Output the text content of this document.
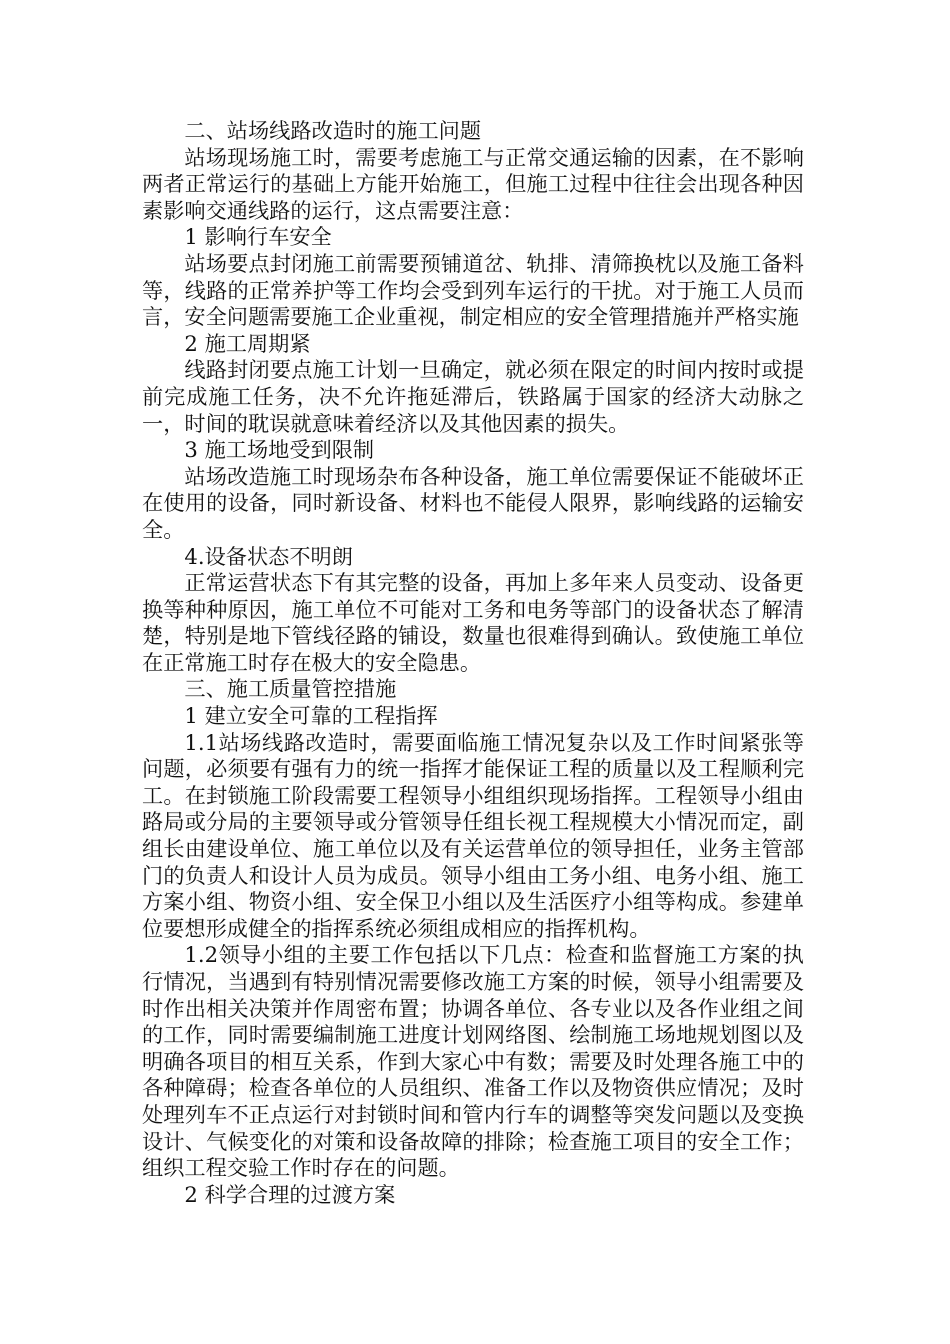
二、站场线路改造时的施工问题

站场现场施工时，需要考虑施工与正常交通运输的因素，在不影响两者正常运行的基础上方能开始施工，但施工过程中往往会出现各种因素影响交通线路的运行，这点需要注意：

1 影响行车安全

站场要点封闭施工前需要预铺道岔、轨排、清筛换枕以及施工备料等，线路的正常养护等工作均会受到列车运行的干扰。对于施工人员而言，安全问题需要施工企业重视，制定相应的安全管理措施并严格实施

2 施工周期紧

线路封闭要点施工计划一旦确定，就必须在限定的时间内按时或提前完成施工任务，决不允许拖延滞后，铁路属于国家的经济大动脉之一，时间的耽误就意味着经济以及其他因素的损失。

3 施工场地受到限制

站场改造施工时现场杂布各种设备，施工单位需要保证不能破坏正在使用的设备，同时新设备、材料也不能侵人限界，影响线路的运输安全。

4.设备状态不明朗

正常运营状态下有其完整的设备，再加上多年来人员变动、设备更换等种种原因，施工单位不可能对工务和电务等部门的设备状态了解清楚，特别是地下管线径路的铺设，数量也很难得到确认。致使施工单位在正常施工时存在极大的安全隐患。

三、施工质量管控措施

1 建立安全可靠的工程指挥

1.1站场线路改造时，需要面临施工情况复杂以及工作时间紧张等问题，必须要有强有力的统一指挥才能保证工程的质量以及工程顺利完工。在封锁施工阶段需要工程领导小组组织现场指挥。工程领导小组由路局或分局的主要领导或分管领导任组长视工程规模大小情况而定，副组长由建设单位、施工单位以及有关运营单位的领导担任，业务主管部门的负责人和设计人员为成员。领导小组由工务小组、电务小组、施工方案小组、物资小组、安全保卫小组以及生活医疗小组等构成。参建单位要想形成健全的指挥系统必须组成相应的指挥机构。

1.2领导小组的主要工作包括以下几点：检查和监督施工方案的执行情况，当遇到有特别情况需要修改施工方案的时候，领导小组需要及时作出相关决策并作周密布置；协调各单位、各专业以及各作业组之间的工作，同时需要编制施工进度计划网络图、绘制施工场地规划图以及明确各项目的相互关系，作到大家心中有数；需要及时处理各施工中的各种障碍；检查各单位的人员组织、准备工作以及物资供应情况；及时处理列车不正点运行对封锁时间和管内行车的调整等突发问题以及变换设计、气候变化的对策和设备故障的排除；检查施工项目的安全工作；组织工程交验工作时存在的问题。

2 科学合理的过渡方案
